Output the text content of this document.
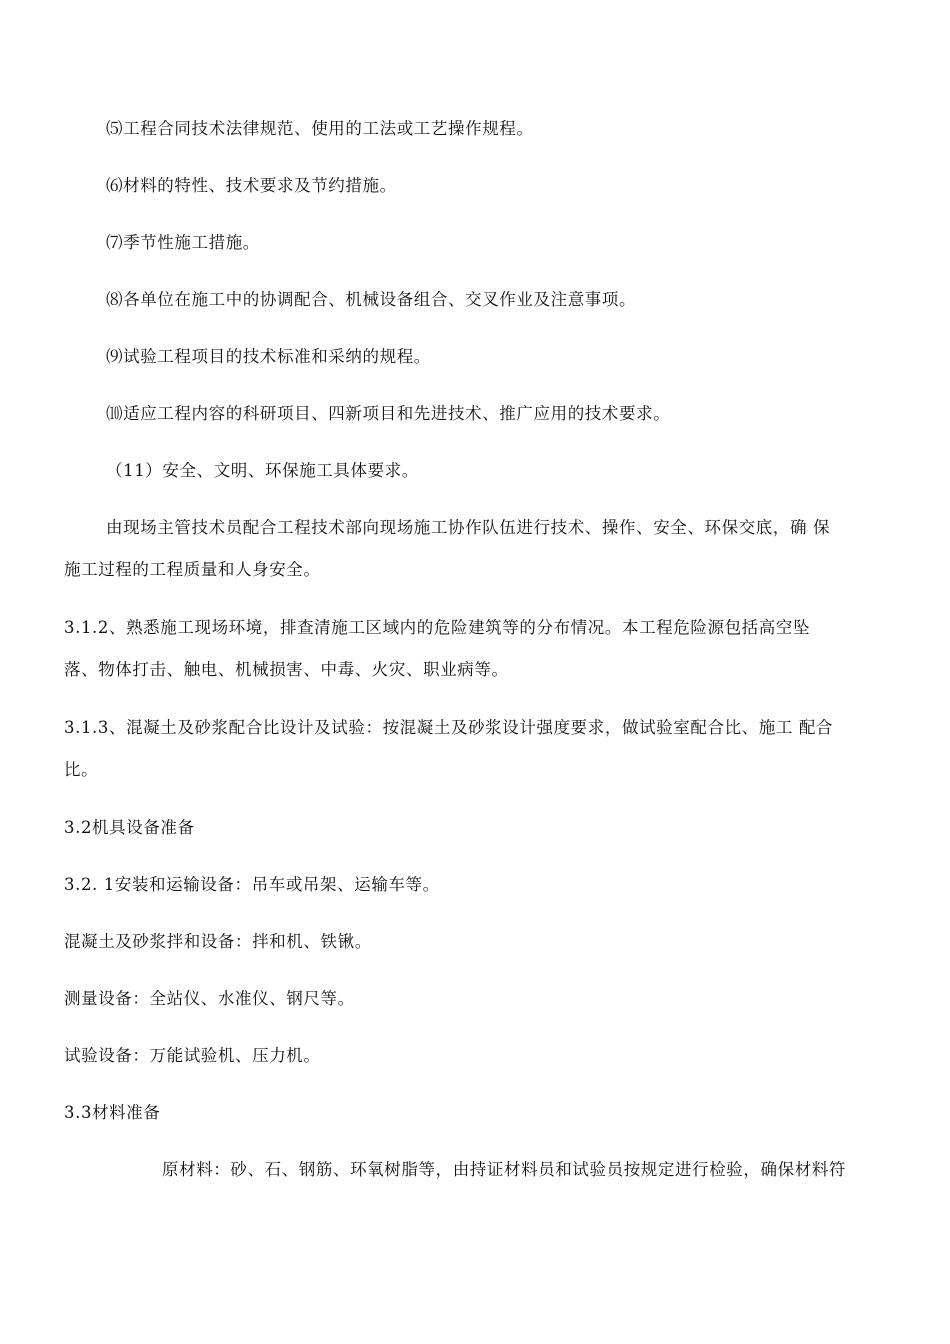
⑸工程合同技术法律规范、使用的工法或工艺操作规程。
⑹材料的特性、技术要求及节约措施。
⑺季节性施工措施。
⑻各单位在施工中的协调配合、机械设备组合、交叉作业及注意事项。
⑼试验工程项目的技术标准和采纳的规程。
⑽适应工程内容的科研项目、四新项目和先进技术、推广应用的技术要求。
（11）安全、文明、环保施工具体要求。
由现场主管技术员配合工程技术部向现场施工协作队伍进行技术、操作、安全、环保交底，确 保
施工过程的工程质量和人身安全。
3.1.2、熟悉施工现场环境，排查清施工区域内的危险建筑等的分布情况。本工程危险源包括高空坠
落、物体打击、触电、机械损害、中毒、火灾、职业病等。
3.1.3、混凝土及砂浆配合比设计及试验：按混凝土及砂浆设计强度要求，做试验室配合比、施工 配合
比。
3.2机具设备准备
3.2. 1安装和运输设备：吊车或吊架、运输车等。
混凝土及砂浆拌和设备：拌和机、铁锹。
测量设备：全站仪、水准仪、钢尺等。
试验设备：万能试验机、压力机。
3.3材料准备
原材料：砂、石、钢筋、环氧树脂等，由持证材料员和试验员按规定进行检验，确保材料符
